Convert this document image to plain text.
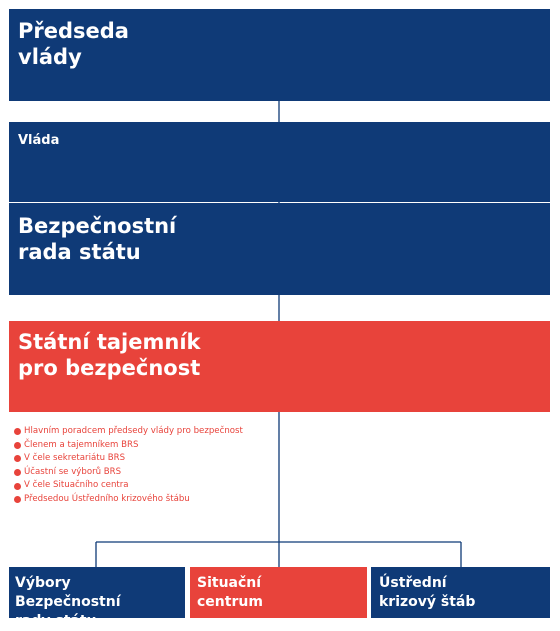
Předseda
vlády
Vláda
Bezpečnostní
rada státu
Státní tajemník
pro bezpečnost
Hlavním poradcem předsedy vlády pro bezpečnost
Členem a tajemníkem BRS
V čele sekretariátu BRS
Účastní se výborů BRS
V čele Situačního centra
Předsedou Ústředního krizového štábu
Výbory Bezpečnostní
rady státu
Situační
centrum
Ústřední
krizový štáb
